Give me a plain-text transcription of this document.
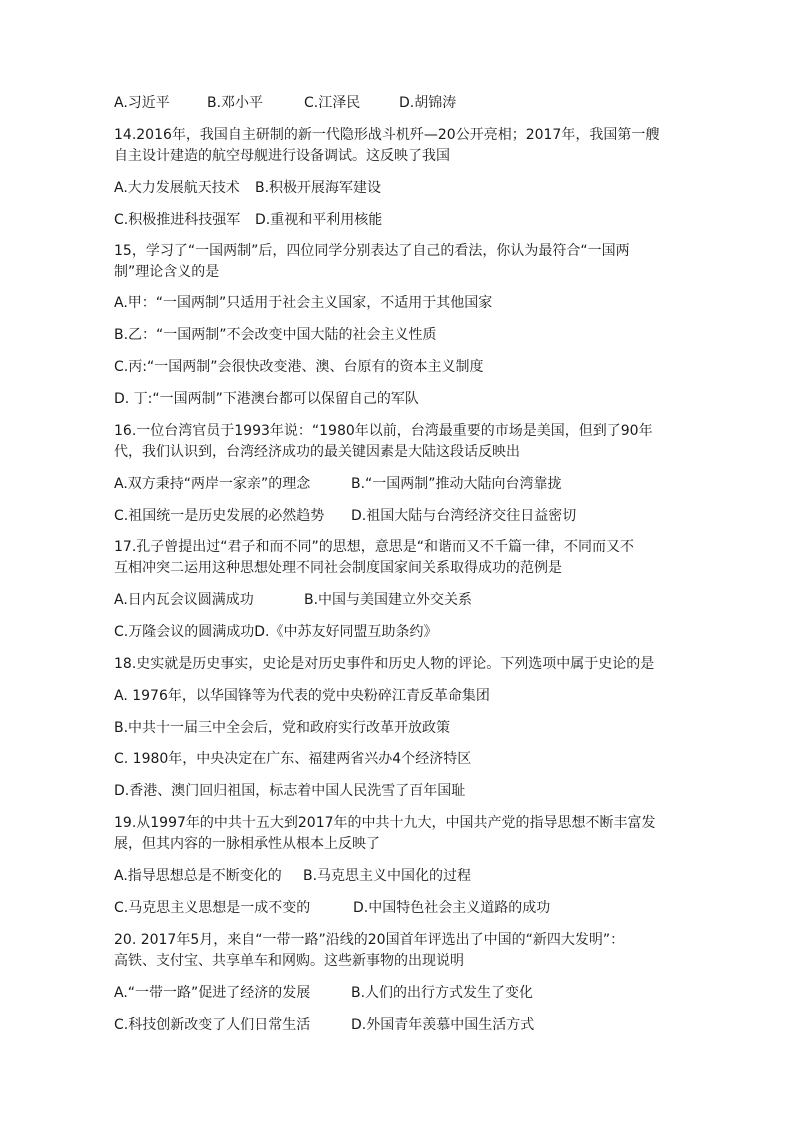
A.习近平	B.邓小平	C.江泽民	D.胡锦涛
14.2016年，我国自主研制的新一代隐形战斗机歼—20公开亮相；2017年，我国第一艘
自主设计建造的航空母舰进行设备调试。这反映了我国
A.大力发展航天技术 B.积极开展海军建设
C.积极推进科技强军 D.重视和平利用核能
15，学习了“一国两制”后，四位同学分别表达了自己的看法，你认为最符合“一国两
制”理论含义的是
A.甲：“一国两制”只适用于社会主义国家，不适用于其他国家
B.乙：“一国两制”不会改变中国大陆的社会主义性质
C.丙:“一国两制”会很快改变港、澳、台原有的资本主义制度
D. 丁:“一国两制”下港澳台都可以保留自己的军队
16.一位台湾官员于1993年说：“1980年以前，台湾最重要的市场是美国，但到了90年
代，我们认识到，台湾经济成功的最关键因素是大陆这段话反映出
A.双方秉持“两岸一家亲”的理念	B.“一国两制”推动大陆向台湾靠拢
C.祖国统一是历史发展的必然趋势 D.祖国大陆与台湾经济交往日益密切
17.孔子曾提出过“君子和而不同”的思想，意思是“和谐而又不千篇一律，不同而又不
互相冲突二运用这种思想处理不同社会制度国家间关系取得成功的范例是
A.日内瓦会议圆满成功	B.中国与美国建立外交关系
C.万隆会议的圆满成功D.《中苏友好同盟互助条约》
18.史实就是历史事实，史论是对历史事件和历史人物的评论。下列选项中属于史论的是
A. 1976年，以华国锋等为代表的党中央粉碎江青反革命集团
B.中共十一届三中全会后，党和政府实行改革开放政策
C. 1980年，中央决定在广东、福建两省兴办4个经济特区
D.香港、澳门回归祖国，标志着中国人民洗雪了百年国耻
19.从1997年的中共十五大到2017年的中共十九大，中国共产党的指导思想不断丰富发
展，但其内容的一脉相承性从根本上反映了
A.指导思想总是不断变化的 B.马克思主义中国化的过程
C.马克思主义思想是一成不变的	D.中国特色社会主义道路的成功
20. 2017年5月，来自“一带一路”沿线的20国首年评选出了中国的“新四大发明”：
高铁、支付宝、共享单车和网购。这些新事物的出现说明
A.“一带一路”促进了经济的发展	B.人们的出行方式发生了变化
C.科技创新改变了人们日常生活	D.外国青年羡慕中国生活方式
